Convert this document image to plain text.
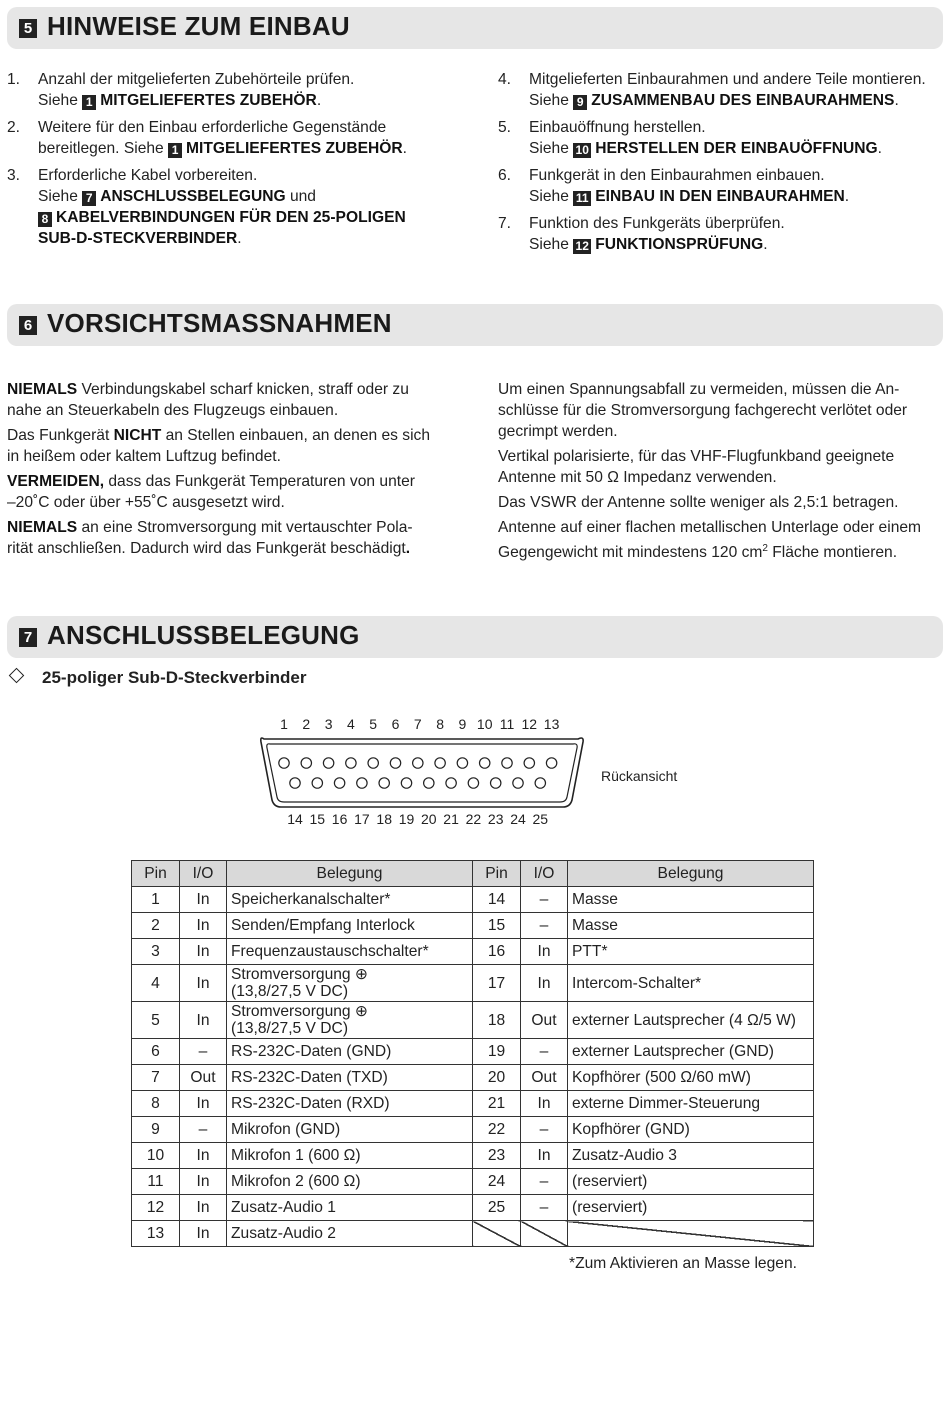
5 HINWEISE ZUM EINBAU
1. Anzahl der mitgelieferten Zubehörteile prüfen.
Siehe 1 MITGELIEFERTES ZUBEHÖR.
2. Weitere für den Einbau erforderliche Gegenstände
bereitlegen. Siehe 1 MITGELIEFERTES ZUBEHÖR.
3. Erforderliche Kabel vorbereiten.
Siehe 7 ANSCHLUSSBELEGUNG und
8 KABELVERBINDUNGEN FÜR DEN 25-POLIGEN
SUB-D-STECKVERBINDER.
4. Mitgelieferten Einbaurahmen und andere Teile montieren.
Siehe 9 ZUSAMMENBAU DES EINBAURAHMENS.
5. Einbauöffnung herstellen.
Siehe 10 HERSTELLEN DER EINBAUÖFFNUNG.
6. Funkgerät in den Einbaurahmen einbauen.
Siehe 11 EINBAU IN DEN EINBAURAHMEN.
7. Funktion des Funkgeräts überprüfen.
Siehe 12 FUNKTIONSPRÜFUNG.
6 VORSICHTSMASSNAHMEN

NIEMALS Verbindungskabel scharf knicken, straff oder zu
nahe an Steuerkabeln des Flugzeugs einbauen.

Das Funkgerät NICHT an Stellen einbauen, an denen es sich
in heißem oder kaltem Luftzug befindet.

VERMEIDEN, dass das Funkgerät Temperaturen von unter
–20˚C oder über +55˚C ausgesetzt wird.

NIEMALS an eine Stromversorgung mit vertauschter Pola-
rität anschließen. Dadurch wird das Funkgerät beschädigt.

Um einen Spannungsabfall zu vermeiden, müssen die An-
schlüsse für die Stromversorgung fachgerecht verlötet oder
gecrimpt werden.

Vertikal polarisierte, für das VHF-Flugfunkband geeignete
Antenne mit 50 Ω Impedanz verwenden.

Das VSWR der Antenne sollte weniger als 2,5:1 betragen.

Antenne auf einer flachen metallischen Unterlage oder einem
Gegengewicht mit mindestens 120 $cm^2$ Fläche montieren.

7 ANSCHLUSSBELEGUNG
25-poliger Sub-D-Steckverbinder
1 2 3 4 5 6 7 8 9 10 11 12 13
14 15 16 17 18 19 20 21 22 23 24 25
Rückansicht
Pin	I/O	Belegung	Pin	I/O	Belegung
1	In	Speicherkanalschalter*	14	–	Masse
2	In	Senden/Empfang Interlock	15	–	Masse
3	In	Frequenzaustauschschalter*	16	In	PTT*
4	In	Stromversorgung ⊕
(13,8/27,5 V DC)	17	In	Intercom-Schalter*
5	In	Stromversorgung ⊕
(13,8/27,5 V DC)	18	Out	externer Lautsprecher (4 Ω/5 W)
6	–	RS-232C-Daten (GND)	19	–	externer Lautsprecher (GND)
7	Out	RS-232C-Daten (TXD)	20	Out	Kopfhörer (500 Ω/60 mW)
8	In	RS-232C-Daten (RXD)	21	In	externe Dimmer-Steuerung
9	–	Mikrofon (GND)	22	–	Kopfhörer (GND)
10	In	Mikrofon 1 (600 Ω)	23	In	Zusatz-Audio 3
11	In	Mikrofon 2 (600 Ω)	24	–	(reserviert)
12	In	Zusatz-Audio 1	25	–	(reserviert)
13	In	Zusatz-Audio 2			
*Zum Aktivieren an Masse legen.
